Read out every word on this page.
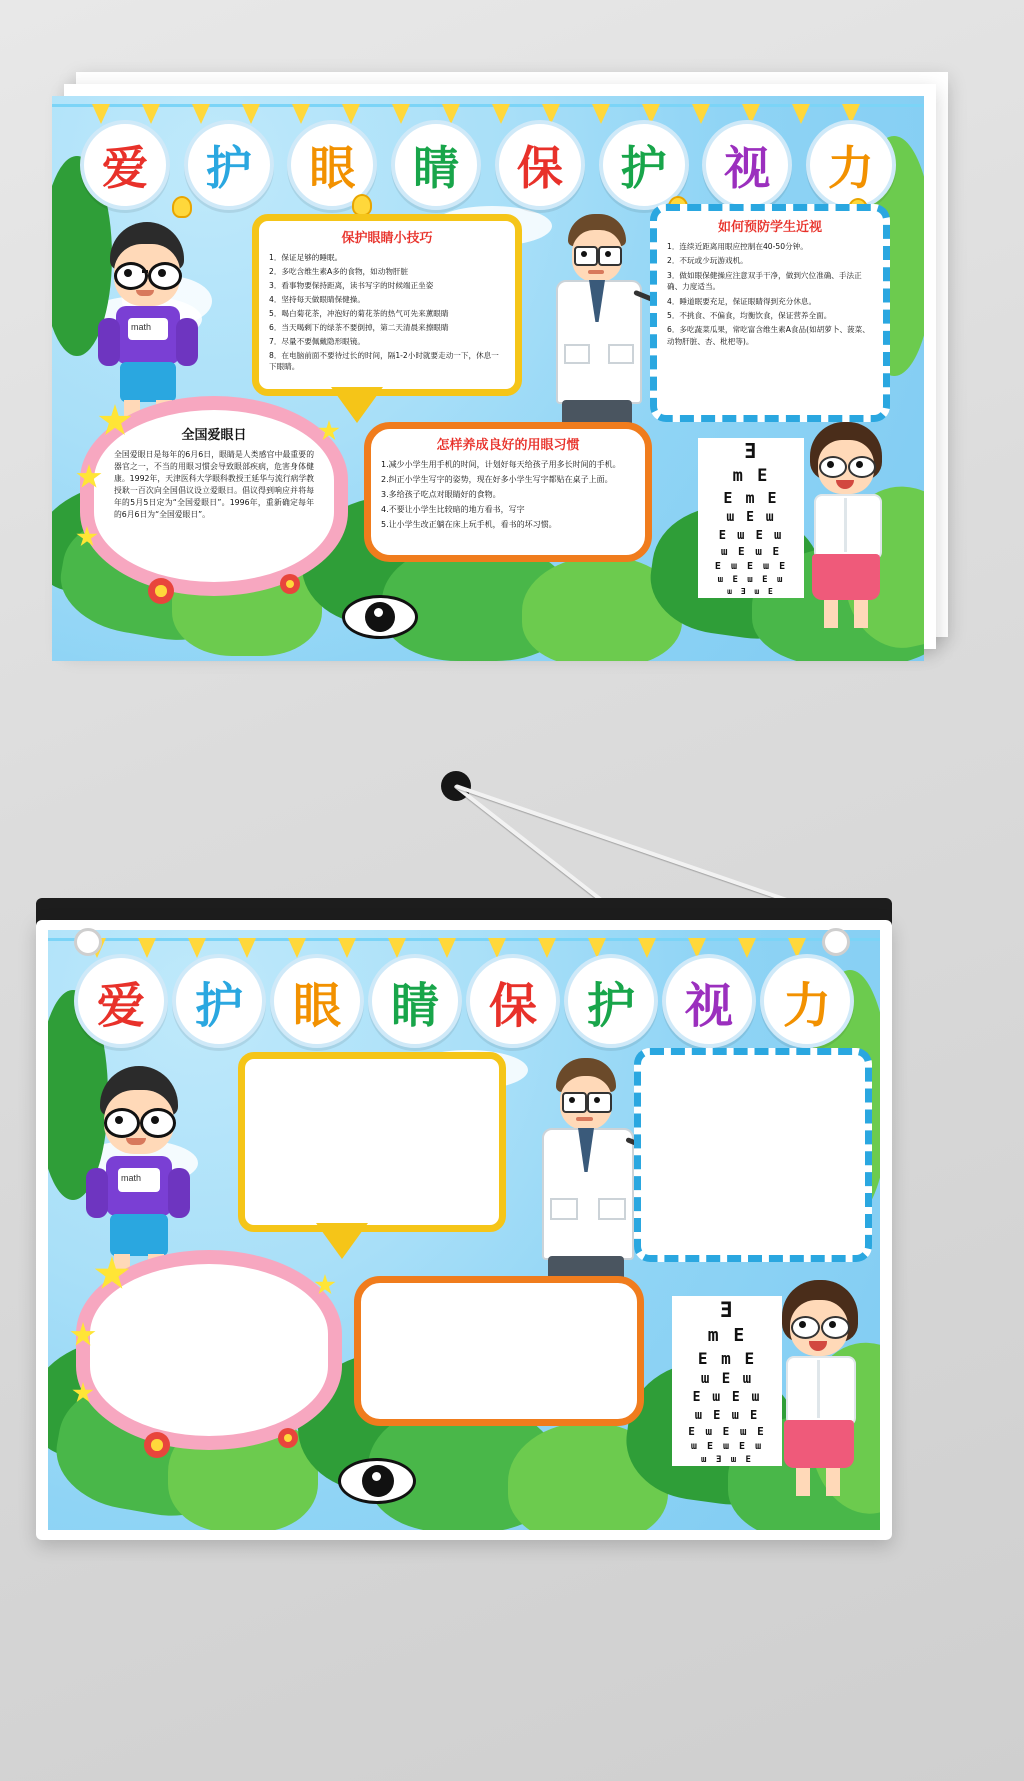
爱	护	眼	睛	保	护	视	力
math
保护眼睛小技巧

1．保证足够的睡眠。

2．多吃含维生素A多的食物，如动物肝脏

3．看事物要保持距离，读书写字的时候端正坐姿

4．坚持每天做眼睛保健操。

5．喝白菊花茶，冲泡好的菊花茶的热气可先来薰眼睛

6．当天喝剩下的绿茶不要倒掉，第二天清晨来擦眼睛

7．尽量不要佩戴隐形眼镜。

8．在电脑前面不要待过长的时间，隔1-2小时就要走动一下，休息一下眼睛。

如何预防学生近视

1．连续近距离用眼应控制在40-50分钟。

2．不玩或少玩游戏机。

3．做如眼保健操应注意双手干净，做到穴位准确、手法正确、力度适当。

4．睡道眠要充足，保证眼睛得到充分休息。

5．不挑食、不偏食，均衡饮食，保证营养全面。

6．多吃蔬菜瓜果，常吃富含维生素A食品(如胡萝卜、菠菜、动物肝脏、杏、枇杷等)。

全国爱眼日
全国爱眼日是每年的6月6日，眼睛是人类感官中最重要的器官之一，不当的用眼习惯会导致眼部疾病，危害身体健康。1992年，天津医科大学眼科教授王延华与流行病学教授耿一百次向全国倡议设立爱眼日。倡议得到响应并将每年的5月5日定为“全国爱眼日”。1996年，重新确定每年的6月6日为“全国爱眼日”。
怎样养成良好的用眼习惯

1.减少小学生用手机的时间，计划好每天给孩子用多长时间的手机。

2.纠正小学生写字的姿势，现在好多小学生写字都贴在桌子上面。

3.多给孩子吃点对眼睛好的食物。

4.不要让小学生比较暗的地方看书，写字

5.让小学生改正躺在床上玩手机，看书的坏习惯。

Ǝ
m E
E m E
ɯ E ɯ
E ɯ E ɯ
ɯ E ɯ E
E ɯ E ɯ E
ɯ E ɯ E ɯ
ɯ Ǝ ɯ E
爱	护	眼	睛	保	护	视	力
math
Ǝ
m E
E m E
ɯ E ɯ
E ɯ E ɯ
ɯ E ɯ E
E ɯ E ɯ E
ɯ E ɯ E ɯ
ɯ Ǝ ɯ E
